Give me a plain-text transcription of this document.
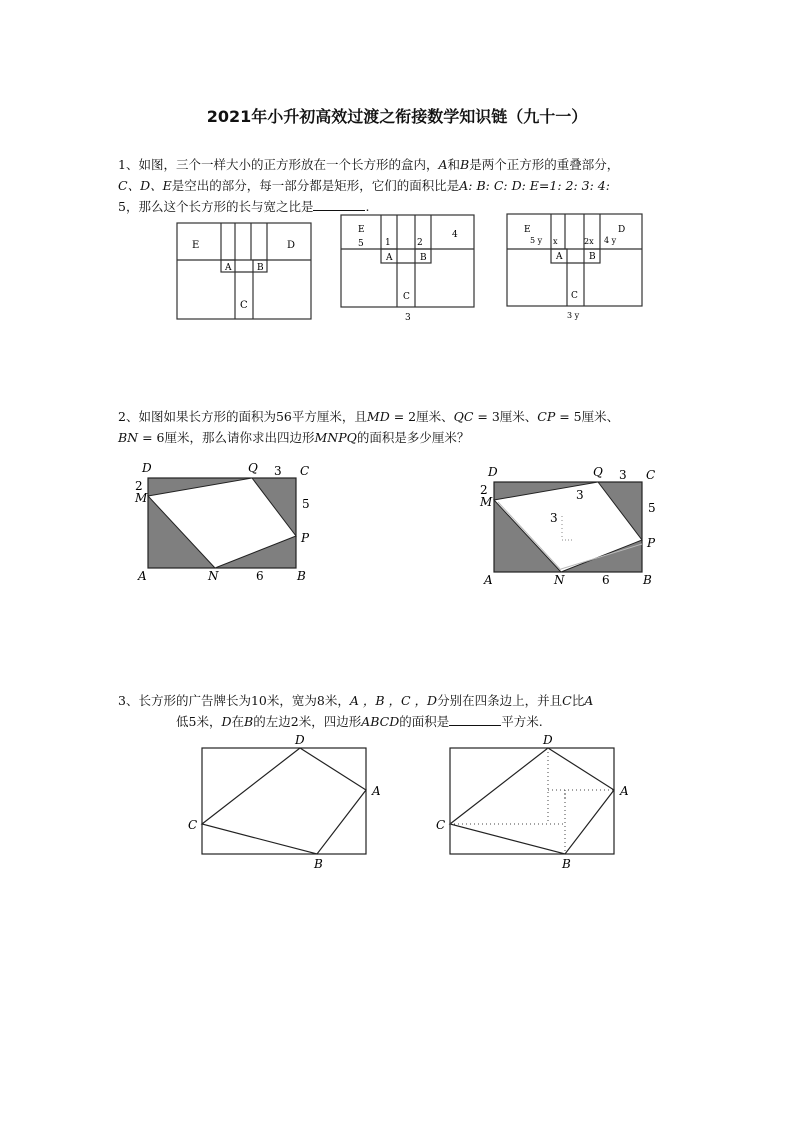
2021年小升初高效过渡之衔接数学知识链（九十一）
1、如图，三个一样大小的正方形放在一个长方形的盒内，A和B是两个正方形的重叠部分，
C、D、E是空出的部分，每一部分都是矩形，它们的面积比是A: B: C: D: E=1: 2: 3: 4:
5，那么这个长方形的长与宽之比是	.
E	D
A	B
C
E
5 1	2
4
A	B
C
3
E	D
5 y x	2x 4 y
A	B
C
3 y
2、如图如果长方形的面积为56平方厘米，且MD = 2厘米、QC = 3厘米、CP = 5厘米、
BN = 6厘米，那么请你求出四边形MNPQ的面积是多少厘米？
D	Q 3 C
2
M	5
P
A	N	6	B
D	Q 3 C
2
M	3
3
5
P
A	N	6	B
3、长方形的广告牌长为10米，宽为8米，A ，B ，C ，D分别在四条边上，并且C比A
低5米，D在B的左边2米，四边形ABCD的面积是	平方米.
D
A
C
B
D
A
C
B
